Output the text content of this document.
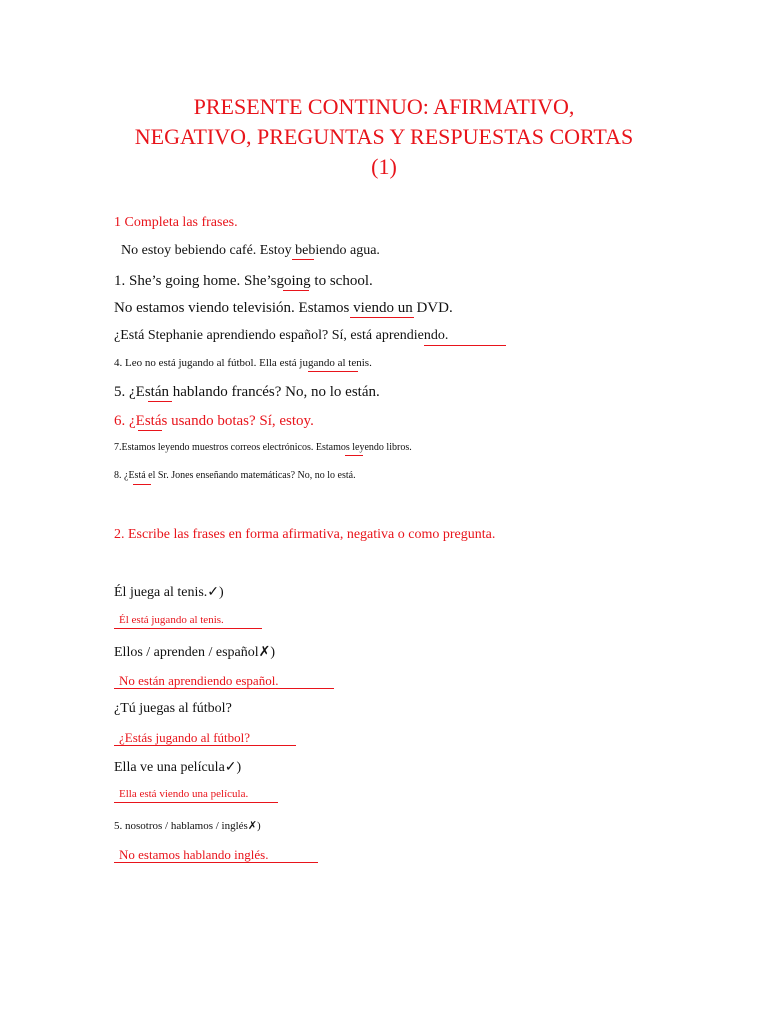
PRESENTE CONTINUO: AFIRMATIVO,
NEGATIVO, PREGUNTAS Y RESPUESTAS CORTAS
(1)
1 Completa las frases.
No estoy bebiendo café. Estoy bebiendo agua.
1. She’s going home. She’sgoing to school.
No estamos viendo televisión. Estamos viendo un DVD.
¿Está Stephanie aprendiendo español? Sí, está aprendiendo.
4. Leo no está jugando al fútbol. Ella está jugando al tenis.
5. ¿Están hablando francés? No, no lo están.
6. ¿Estás usando botas? Sí, estoy.
7.Estamos leyendo muestros correos electrónicos. Estamos leyendo libros.
8. ¿Está el Sr. Jones enseñando matemáticas? No, no lo está.
2. Escribe las frases en forma afirmativa, negativa o como pregunta.
Él juega al tenis.✓)
Él está jugando al tenis.
Ellos / aprenden / español✗)
No están aprendiendo español.
¿Tú juegas al fútbol?
¿Estás jugando al fútbol?
Ella ve una película✓)
Ella está viendo una película.
5. nosotros / hablamos / inglés✗)
No estamos hablando inglés.
